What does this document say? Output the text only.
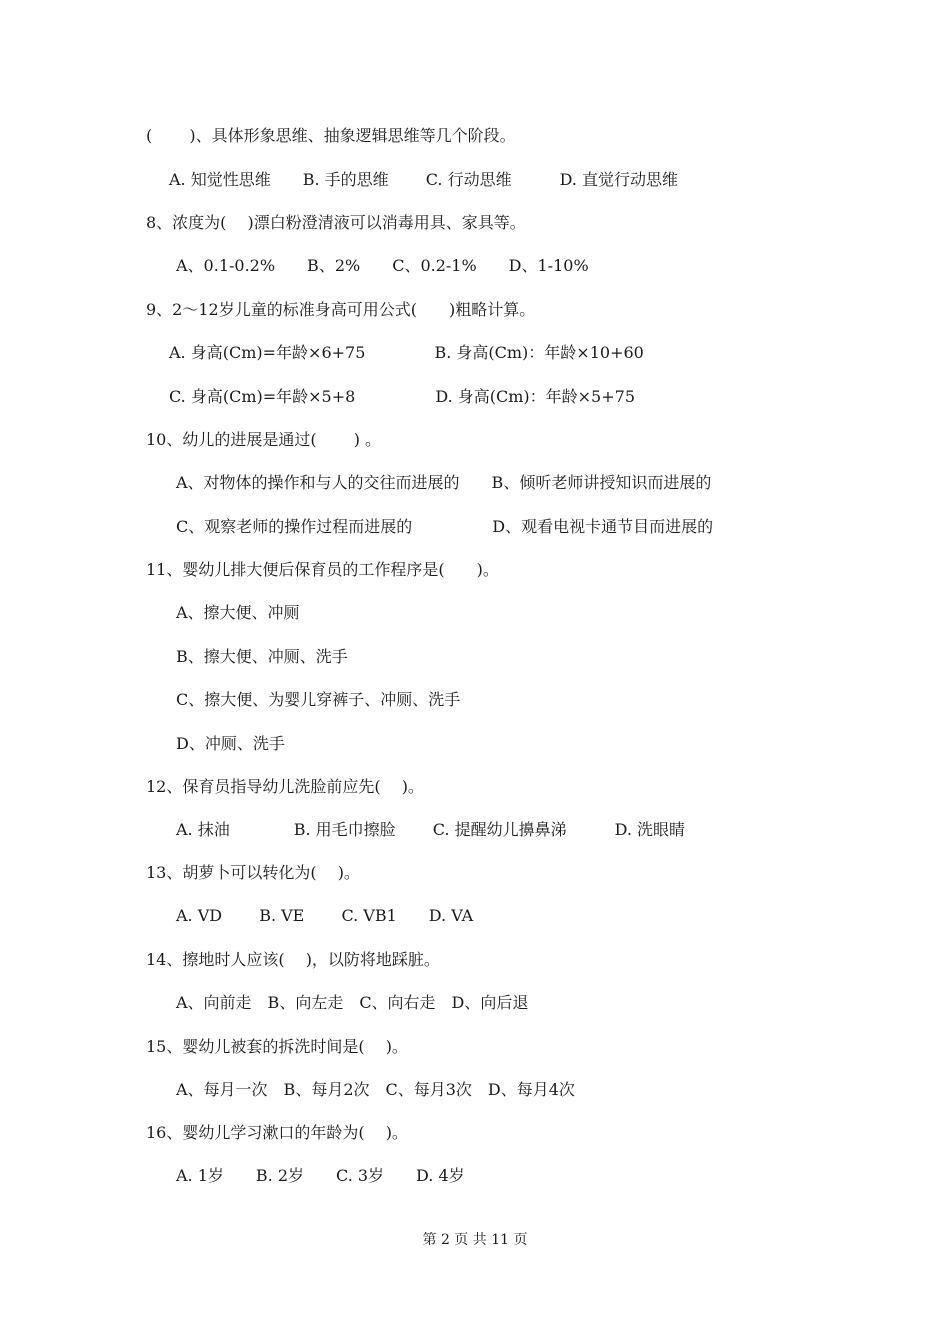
(　　 )、具体形象思维、抽象逻辑思维等几个阶段。
A. 知觉性思维　　B. 手的思维　　 C. 行动思维　　　D. 直觉行动思维
8、浓度为(　 )漂白粉澄清液可以消毒用具、家具等。
A、0.1-0.2%　　B、2%　　C、0.2-1%　　D、1-10%
9、2～12岁儿童的标准身高可用公式(　　)粗略计算。
A. 身高(Cm)=年龄×6+75　　　　 B. 身高(Cm)：年龄×10+60
C. 身高(Cm)=年龄×5+8　　　　　D. 身高(Cm)：年龄×5+75
10、幼儿的进展是通过(　　 ) 。
A、对物体的操作和与人的交往而进展的　　B、倾听老师讲授知识而进展的
C、观察老师的操作过程而进展的　　　　　D、观看电视卡通节目而进展的
11、婴幼儿排大便后保育员的工作程序是(　　)。
A、擦大便、冲厕
B、擦大便、冲厕、洗手
C、擦大便、为婴儿穿裤子、冲厕、洗手
D、冲厕、洗手
12、保育员指导幼儿洗脸前应先(　 )。
A. 抹油　　　　B. 用毛巾擦脸　　 C. 提醒幼儿擤鼻涕　　　D. 洗眼睛
13、胡萝卜可以转化为(　 )。
A. VD　　 B. VE　　 C. VB1　　D. VA
14、擦地时人应该(　 )，以防将地踩脏。
A、向前走　B、向左走　C、向右走　D、向后退
15、婴幼儿被套的拆洗时间是(　 )。
A、每月一次　B、每月2次　C、每月3次　D、每月4次
16、婴幼儿学习漱口的年龄为(　 )。
A. 1岁　　B. 2岁　　C. 3岁　　D. 4岁
第 2 页 共 11 页
